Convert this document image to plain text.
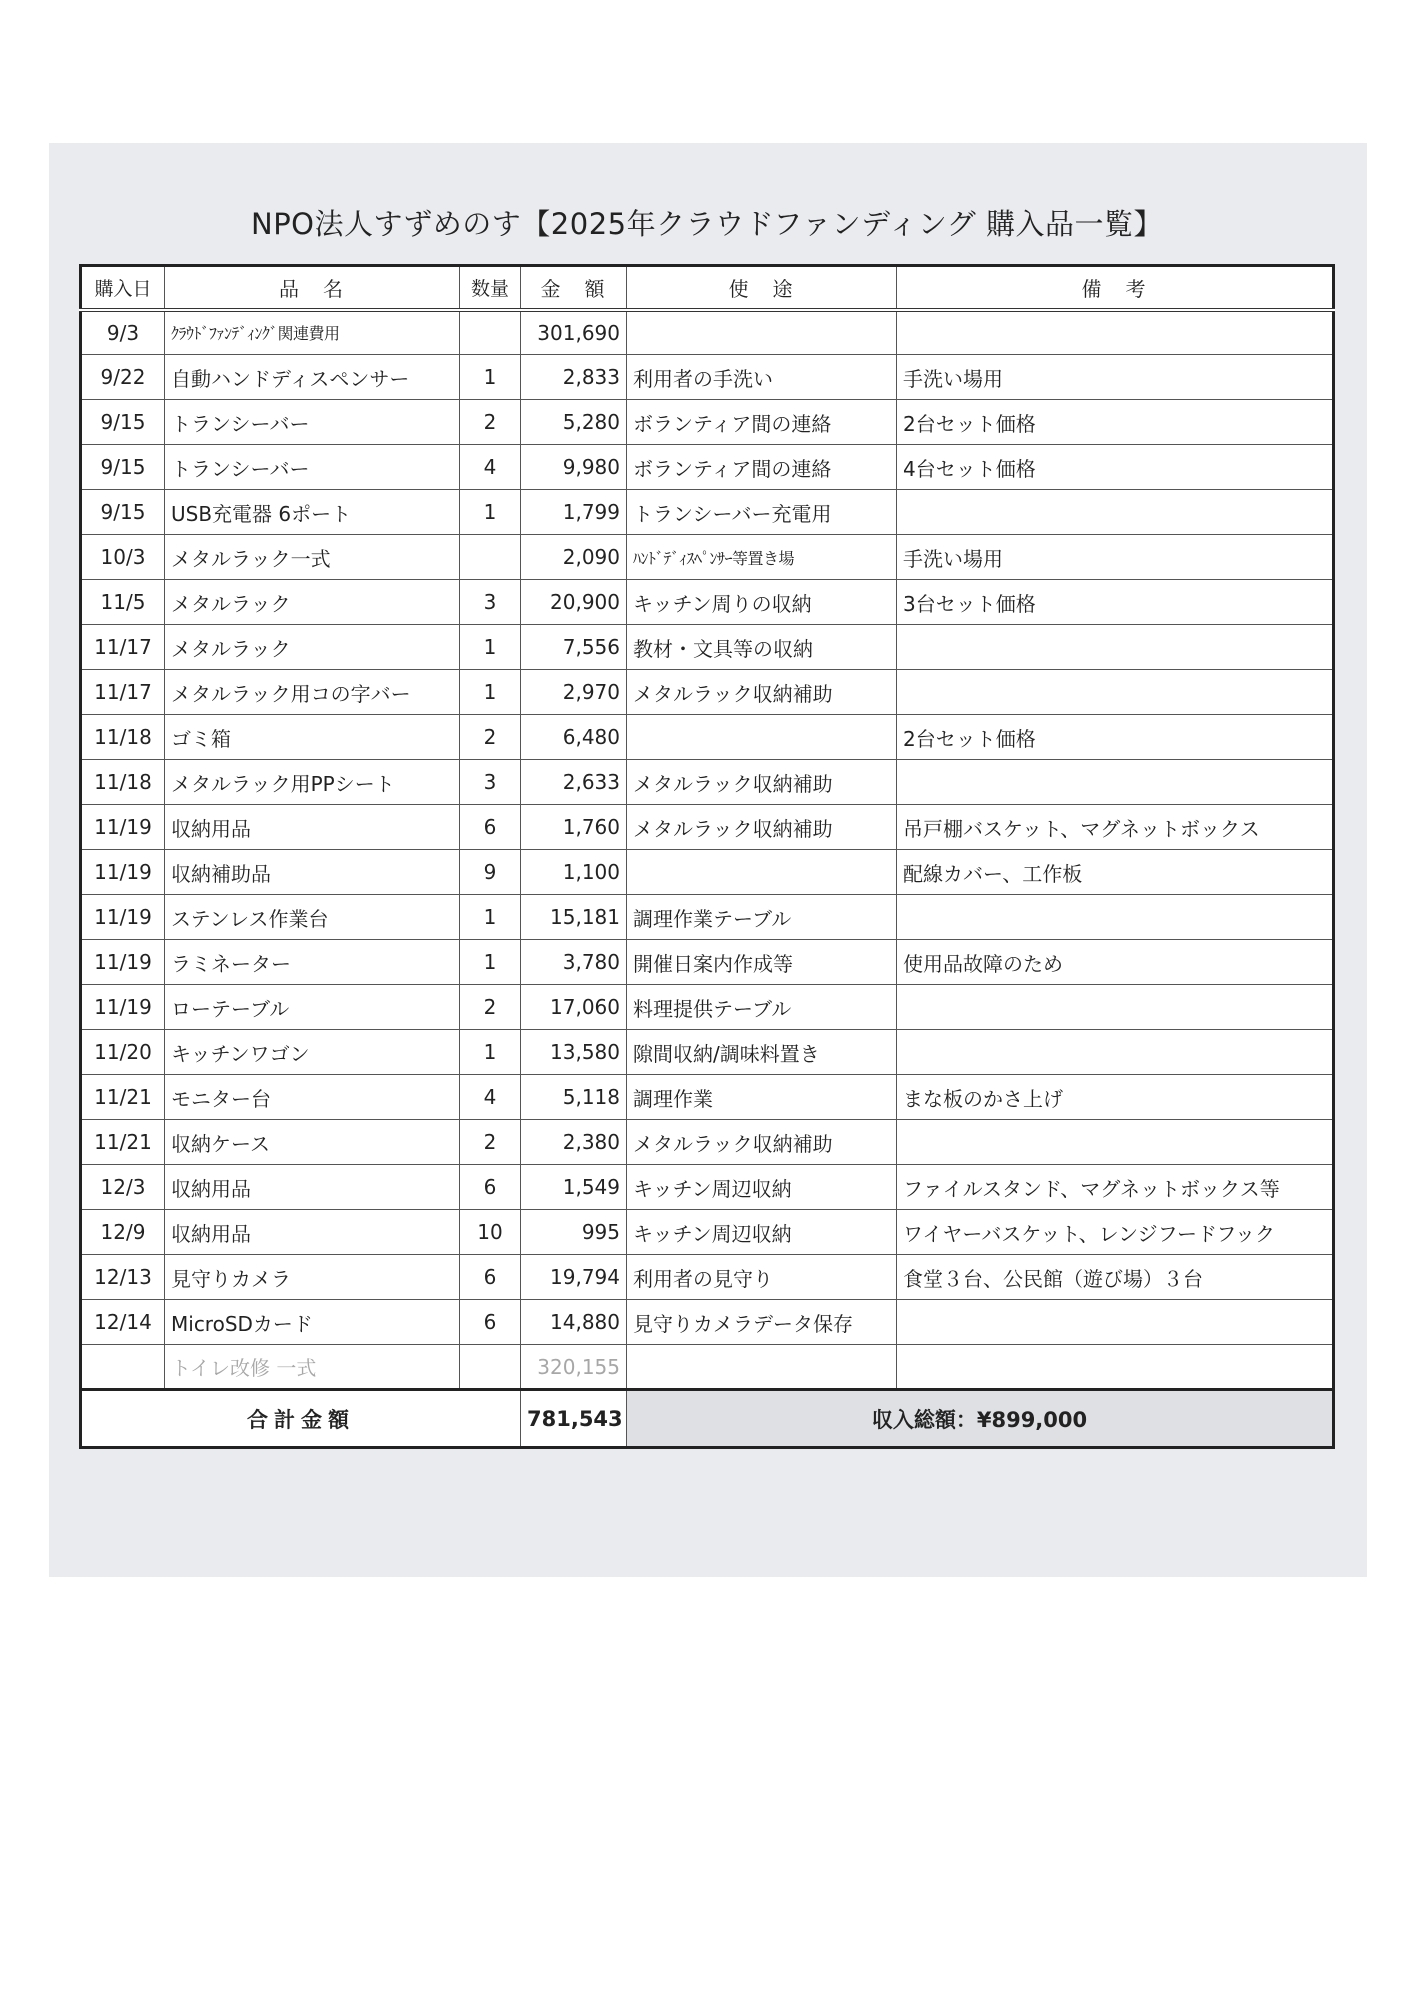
NPO法人すずめのす【2025年クラウドファンディング 購入品一覧】
購入日	品　名	数量	金　額	使　途	備　考
9/3	ｸﾗｳﾄﾞﾌｧﾝﾃﾞｨﾝｸﾞ関連費用		301,690		
9/22	自動ハンドディスペンサー	1	2,833	利用者の手洗い	手洗い場用
9/15	トランシーバー	2	5,280	ボランティア間の連絡	2台セット価格
9/15	トランシーバー	4	9,980	ボランティア間の連絡	4台セット価格
9/15	USB充電器 6ポート	1	1,799	トランシーバー充電用	
10/3	メタルラック一式		2,090	ﾊﾝﾄﾞﾃﾞｨｽﾍﾟﾝｻｰ等置き場	手洗い場用
11/5	メタルラック	3	20,900	キッチン周りの収納	3台セット価格
11/17	メタルラック	1	7,556	教材・文具等の収納	
11/17	メタルラック用コの字バー	1	2,970	メタルラック収納補助	
11/18	ゴミ箱	2	6,480		2台セット価格
11/18	メタルラック用PPシート	3	2,633	メタルラック収納補助	
11/19	収納用品	6	1,760	メタルラック収納補助	吊戸棚バスケット、マグネットボックス
11/19	収納補助品	9	1,100		配線カバー、工作板
11/19	ステンレス作業台	1	15,181	調理作業テーブル	
11/19	ラミネーター	1	3,780	開催日案内作成等	使用品故障のため
11/19	ローテーブル	2	17,060	料理提供テーブル	
11/20	キッチンワゴン	1	13,580	隙間収納/調味料置き	
11/21	モニター台	4	5,118	調理作業	まな板のかさ上げ
11/21	収納ケース	2	2,380	メタルラック収納補助	
12/3	収納用品	6	1,549	キッチン周辺収納	ファイルスタンド、マグネットボックス等
12/9	収納用品	10	995	キッチン周辺収納	ワイヤーバスケット、レンジフードフック
12/13	見守りカメラ	6	19,794	利用者の見守り	食堂３台、公民館（遊び場）３台
12/14	MicroSDカード	6	14,880	見守りカメラデータ保存	
	トイレ改修 一式		320,155		
合計金額			781,543	収入総額：¥899,000	
